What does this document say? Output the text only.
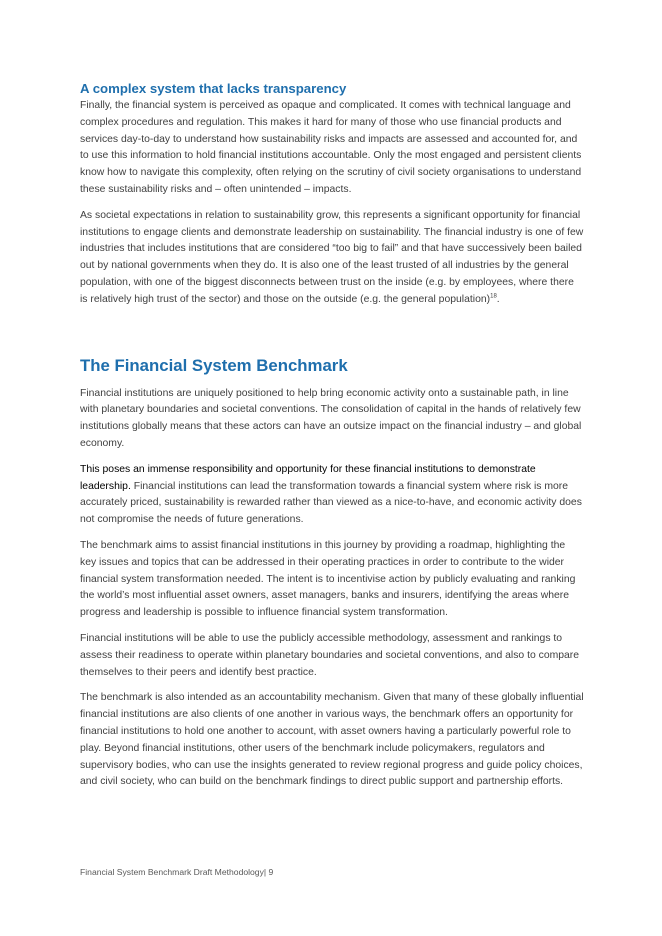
A complex system that lacks transparency

Finally, the financial system is perceived as opaque and complicated. It comes with technical language and complex procedures and regulation. This makes it hard for many of those who use financial products and services day-to-day to understand how sustainability risks and impacts are assessed and accounted for, and to use this information to hold financial institutions accountable. Only the most engaged and persistent clients know how to navigate this complexity, often relying on the scrutiny of civil society organisations to understand these sustainability risks and – often unintended – impacts.

As societal expectations in relation to sustainability grow, this represents a significant opportunity for financial institutions to engage clients and demonstrate leadership on sustainability. The financial industry is one of few industries that includes institutions that are considered “too big to fail” and that have successively been bailed out by national governments when they do. It is also one of the least trusted of all industries by the general population, with one of the biggest disconnects between trust on the inside (e.g. by employees, where there is relatively high trust of the sector) and those on the outside (e.g. the general population)$^{18}$.

The Financial System Benchmark

Financial institutions are uniquely positioned to help bring economic activity onto a sustainable path, in line with planetary boundaries and societal conventions. The consolidation of capital in the hands of relatively few institutions globally means that these actors can have an outsize impact on the financial industry – and global economy.

This poses an immense responsibility and opportunity for these financial institutions to demonstrate leadership. Financial institutions can lead the transformation towards a financial system where risk is more accurately priced, sustainability is rewarded rather than viewed as a nice-to-have, and economic activity does not compromise the needs of future generations.

The benchmark aims to assist financial institutions in this journey by providing a roadmap, highlighting the key issues and topics that can be addressed in their operating practices in order to contribute to the wider financial system transformation needed. The intent is to incentivise action by publicly evaluating and ranking the world’s most influential asset owners, asset managers, banks and insurers, identifying the areas where progress and leadership is possible to influence financial system transformation.

Financial institutions will be able to use the publicly accessible methodology, assessment and rankings to assess their readiness to operate within planetary boundaries and societal conventions, and also to compare themselves to their peers and identify best practice.

The benchmark is also intended as an accountability mechanism. Given that many of these globally influential financial institutions are also clients of one another in various ways, the benchmark offers an opportunity for financial institutions to hold one another to account, with asset owners having a particularly powerful role to play. Beyond financial institutions, other users of the benchmark include policymakers, regulators and supervisory bodies, who can use the insights generated to review regional progress and guide policy choices, and civil society, who can build on the benchmark findings to direct public support and partnership efforts.

Financial System Benchmark Draft Methodology| 9
